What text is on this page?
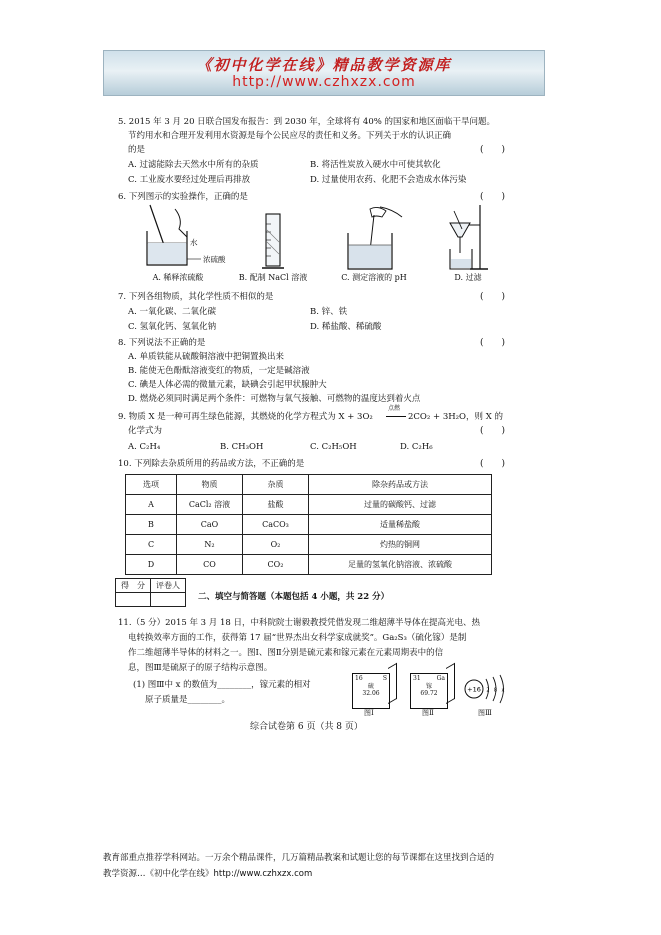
《初中化学在线》精品教学资源库
http://www.czhxzx.com
5. 2015 年 3 月 20 日联合国发布报告：到 2030 年，全球将有 40% 的国家和地区面临干旱问题。
节约用水和合理开发利用水资源是每个公民应尽的责任和义务。下列关于水的认识正确
的是	(　　)
A. 过滤能除去天然水中所有的杂质	B. 将活性炭放入硬水中可使其软化
C. 工业废水要经过处理后再排放	D. 过量使用农药、化肥不会造成水体污染
6. 下列图示的实验操作，正确的是	(　　)
水
浓硫酸
A. 稀释浓硫酸	B. 配制 NaCl 溶液	C. 测定溶液的 pH	D. 过滤
7. 下列各组物质，其化学性质不相似的是	(　　)
A. 一氧化碳、二氧化碳	B. 锌、铁
C. 氢氧化钙、氢氧化钠	D. 稀盐酸、稀硫酸
8. 下列说法不正确的是	(　　)
A. 单质铁能从硫酸铜溶液中把铜置换出来
B. 能使无色酚酞溶液变红的物质，一定是碱溶液
C. 碘是人体必需的微量元素，缺碘会引起甲状腺肿大
D. 燃烧必须同时满足两个条件：可燃物与氧气接触、可燃物的温度达到着火点
9. 物质 X 是一种可再生绿色能源，其燃烧的化学方程式为 X + 3O₂
点燃
2CO₂ + 3H₂O，则 X 的
化学式为	(　　)
A. C₂H₄	B. CH₃OH	C. C₂H₅OH	D. C₂H₆
10. 下列除去杂质所用的药品或方法，不正确的是	(　　)
选项	物质	杂质	除杂药品或方法
A	CaCl₂ 溶液	盐酸	过量的碳酸钙、过滤
B	CaO	CaCO₃	适量稀盐酸
C	N₂	O₂	灼热的铜网
D	CO	CO₂	足量的氢氧化钠溶液、浓硫酸
得　分	评卷人

二、填空与简答题（本题包括 4 小题，共 22 分）
11.（5 分）2015 年 3 月 18 日，中科院院士谢毅教授凭借发现二维超薄半导体在提高光电、热
电转换效率方面的工作，获得第 17 届“世界杰出女科学家成就奖”。Ga₂S₃（硫化镓）是制
作二维超薄半导体的材料之一。图Ⅰ、图Ⅱ分别是硫元素和镓元素在元素周期表中的信
息，图Ⅲ是硫原子的原子结构示意图。
(1) 图Ⅲ中 x 的数值为________，镓元素的相对
原子质量是________。
16	S
硫
32.06
图Ⅰ
31	Ga
镓
69.72
图Ⅱ
+16 2 8 x
图Ⅲ
综合试卷第 6 页（共 8 页）
教育部重点推荐学科网站。一万余个精品课件，几万篇精品教案和试题让您的每节课都在这里找到合适的
教学资源…《初中化学在线》http://www.czhxzx.com
